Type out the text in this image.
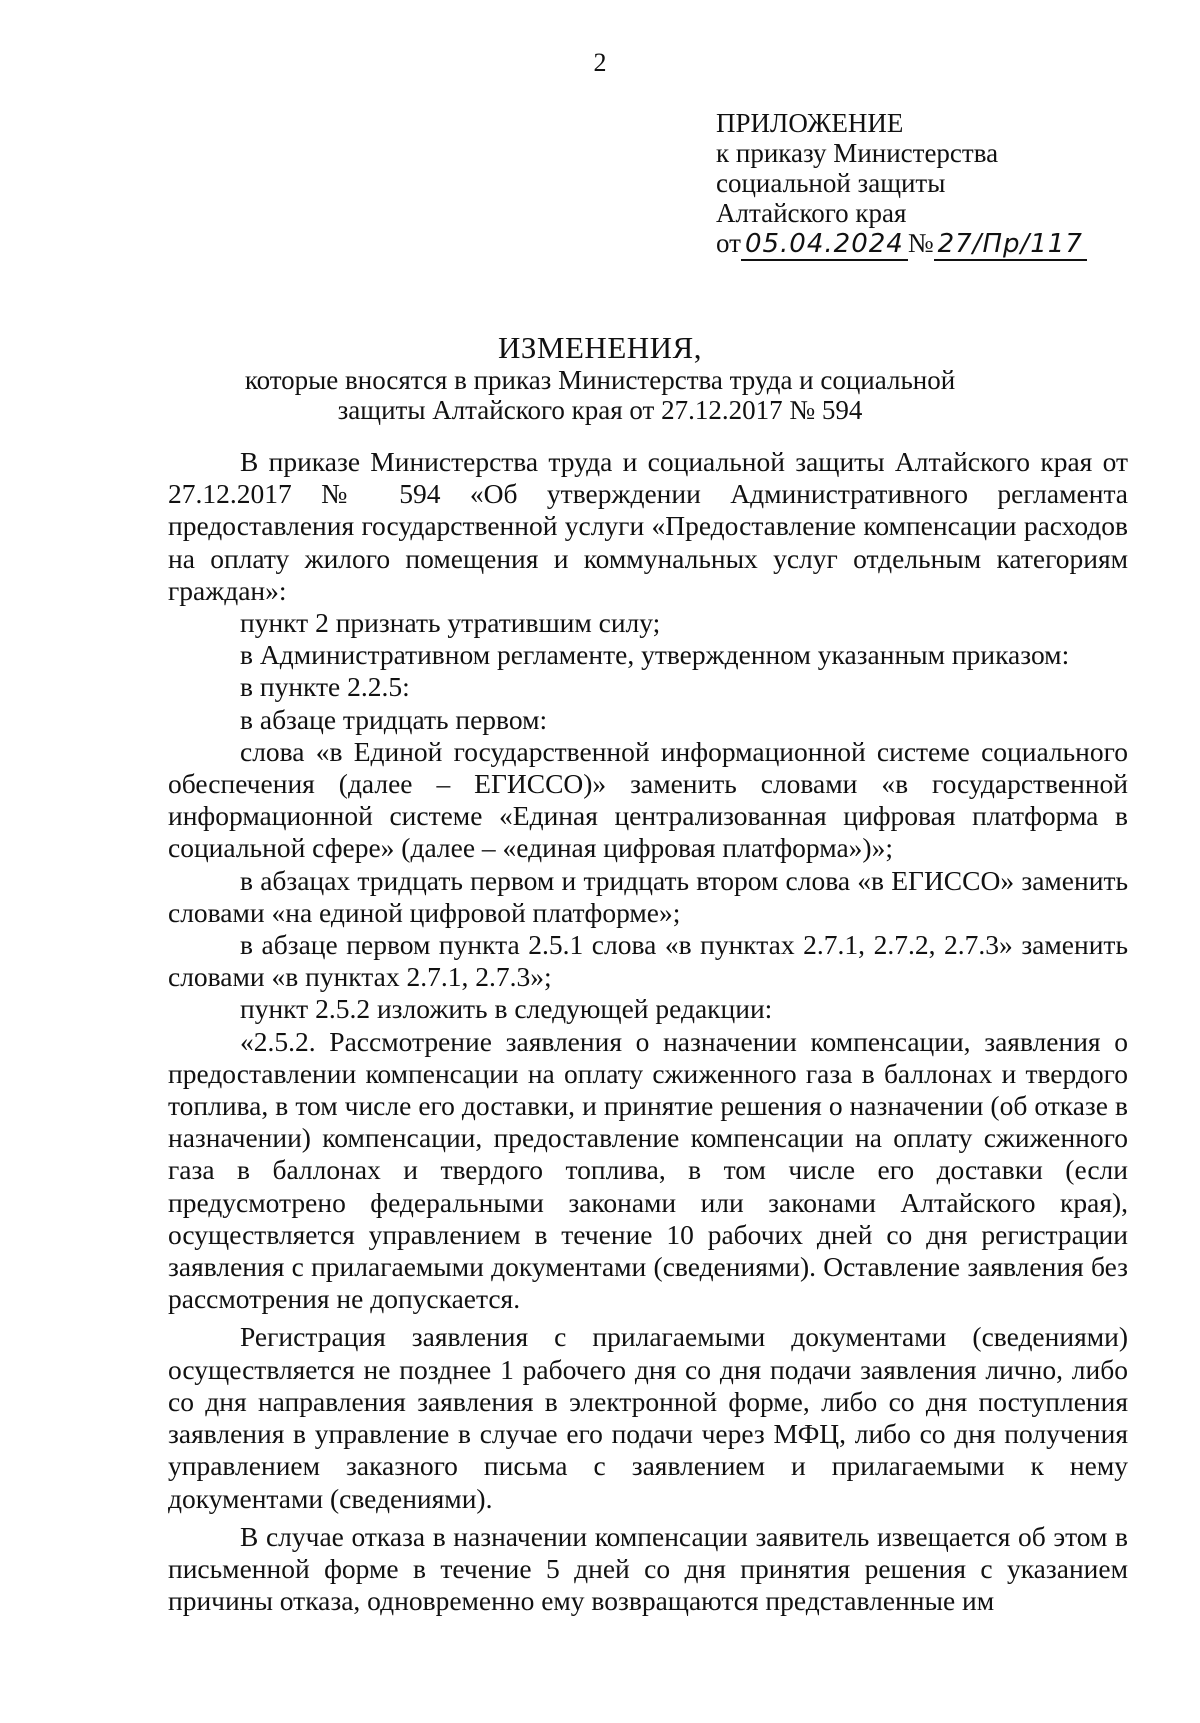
2
ПРИЛОЖЕНИЕ
к приказу Министерства
социальной защиты
Алтайского края
от 05.04.2024 № 27/Пр/117
ИЗМЕНЕНИЯ,
которые вносятся в приказ Министерства труда и социальной
защиты Алтайского края от 27.12.2017 № 594

В приказе Министерства труда и социальной защиты Алтайского края от 27.12.2017 № 594 «Об утверждении Административного регламента предоставления государственной услуги «Предоставление компенсации расходов на оплату жилого помещения и коммунальных услуг отдельным категориям граждан»:

пункт 2 признать утратившим силу;

в Административном регламенте, утвержденном указанным приказом:

в пункте 2.2.5:

в абзаце тридцать первом:

слова «в Единой государственной информационной системе социального обеспечения (далее – ЕГИССО)» заменить словами «в государственной информационной системе «Единая централизованная цифровая платформа в социальной сфере» (далее – «единая цифровая платформа»)»;

в абзацах тридцать первом и тридцать втором слова «в ЕГИССО» заменить словами «на единой цифровой платформе»;

в абзаце первом пункта 2.5.1 слова «в пунктах 2.7.1, 2.7.2, 2.7.3» заменить словами «в пунктах 2.7.1, 2.7.3»;

пункт 2.5.2 изложить в следующей редакции:

«2.5.2. Рассмотрение заявления о назначении компенсации, заявления о предоставлении компенсации на оплату сжиженного газа в баллонах и твердого топлива, в том числе его доставки, и принятие решения о назначении (об отказе в назначении) компенсации, предоставление компенсации на оплату сжиженного газа в баллонах и твердого топлива, в том числе его доставки (если предусмотрено федеральными законами или законами Алтайского края), осуществляется управлением в течение 10 рабочих дней со дня регистрации заявления с прилагаемыми документами (сведениями). Оставление заявления без рассмотрения не допускается.

Регистрация заявления с прилагаемыми документами (сведениями) осуществляется не позднее 1 рабочего дня со дня подачи заявления лично, либо со дня направления заявления в электронной форме, либо со дня поступления заявления в управление в случае его подачи через МФЦ, либо со дня получения управлением заказного письма с заявлением и прилагаемыми к нему документами (сведениями).

В случае отказа в назначении компенсации заявитель извещается об этом в письменной форме в течение 5 дней со дня принятия решения с указанием причины отказа, одновременно ему возвращаются представленные им
